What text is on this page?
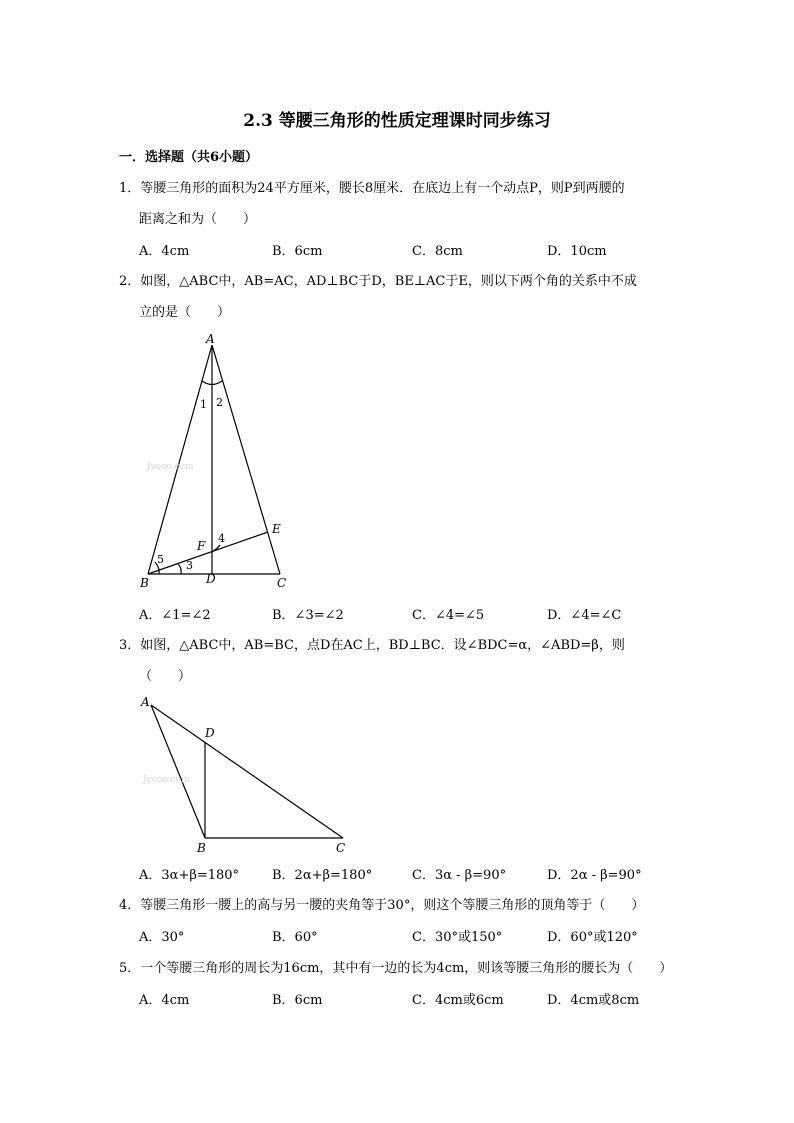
2.3 等腰三角形的性质定理课时同步练习
一．选择题（共6小题）
1．等腰三角形的面积为24平方厘米，腰长8厘米．在底边上有一个动点P，则P到两腰的
距离之和为（　　）
A．4cm	B．6cm	C．8cm	D．10cm
2．如图，△ABC中，AB=AC，AD⊥BC于D，BE⊥AC于E，则以下两个角的关系中不成
立的是（　　）
A
B	C
D
E
F
1 2
3
4
5
Jyeoo.com
A．∠1=∠2	B．∠3=∠2	C．∠4=∠5	D．∠4=∠C
3．如图，△ABC中，AB=BC，点D在AC上，BD⊥BC．设∠BDC=α，∠ABD=β，则
（　　）
A
D
B	C
Jyeoo.com
A．3α+β=180°	B．2α+β=180°	C．3α - β=90°	D．2α - β=90°
4．等腰三角形一腰上的高与另一腰的夹角等于30°，则这个等腰三角形的顶角等于（　　）
A．30°	B．60°	C．30°或150°	D．60°或120°
5．一个等腰三角形的周长为16cm，其中有一边的长为4cm，则该等腰三角形的腰长为（　　）
A．4cm	B．6cm	C．4cm或6cm	D．4cm或8cm
